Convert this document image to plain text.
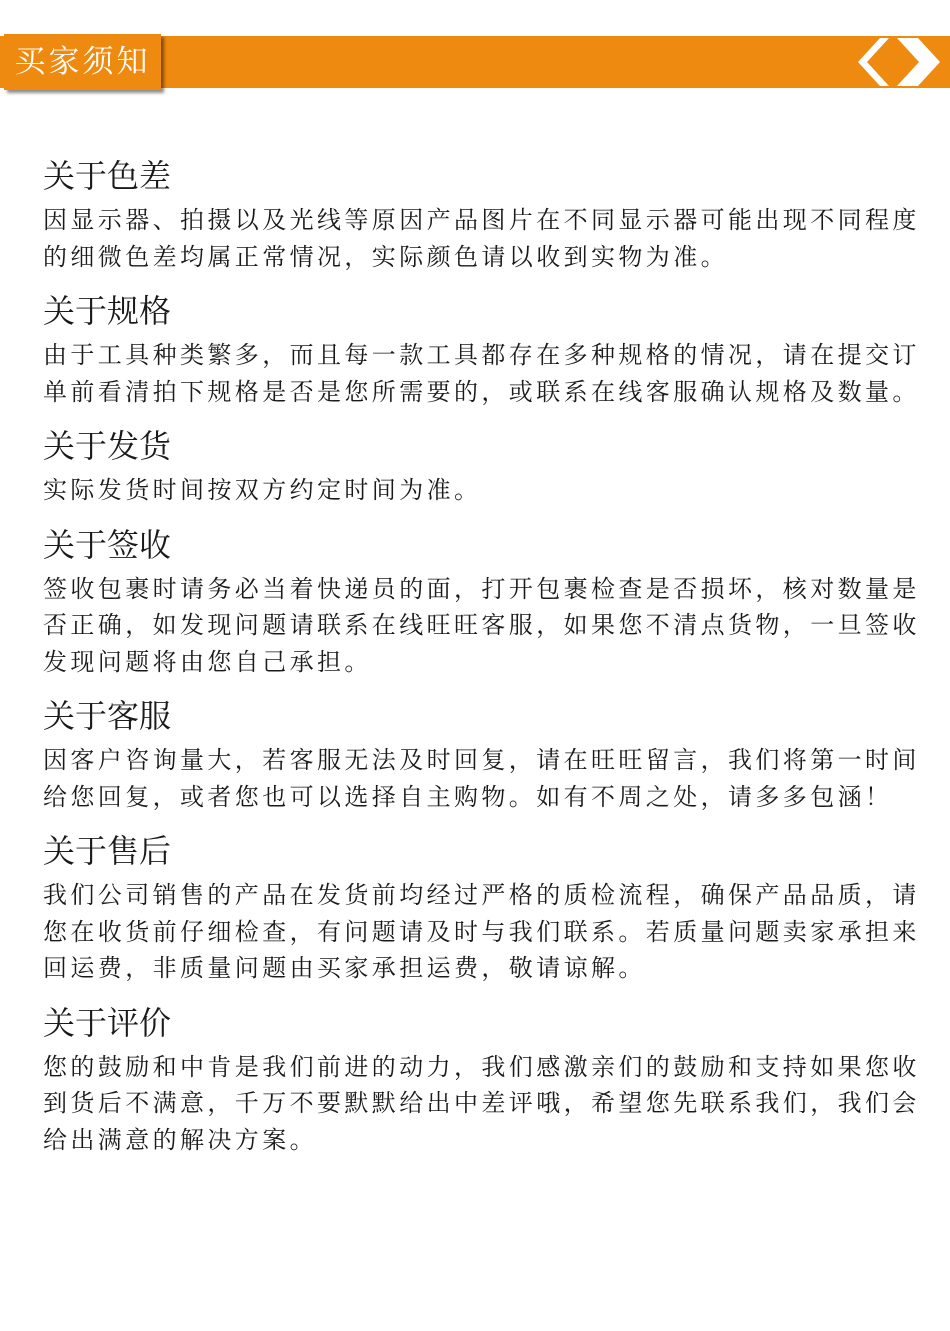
买家须知
关于色差

因显示器、拍摄以及光线等原因产品图片在不同显示器可能出现不同程度的细微色差均属正常情况，实际颜色请以收到实物为准。

关于规格

由于工具种类繁多，而且每一款工具都存在多种规格的情况，请在提交订单前看清拍下规格是否是您所需要的，或联系在线客服确认规格及数量。

关于发货

实际发货时间按双方约定时间为准。

关于签收

签收包裹时请务必当着快递员的面，打开包裹检查是否损坏，核对数量是否正确，如发现问题请联系在线旺旺客服，如果您不清点货物，一旦签收发现问题将由您自己承担。

关于客服

因客户咨询量大，若客服无法及时回复，请在旺旺留言，我们将第一时间给您回复，或者您也可以选择自主购物。如有不周之处，请多多包涵！

关于售后

我们公司销售的产品在发货前均经过严格的质检流程，确保产品品质，请您在收货前仔细检查，有问题请及时与我们联系。若质量问题卖家承担来回运费，非质量问题由买家承担运费，敬请谅解。

关于评价

您的鼓励和中肯是我们前进的动力，我们感激亲们的鼓励和支持如果您收到货后不满意，千万不要默默给出中差评哦，希望您先联系我们，我们会给出满意的解决方案。
